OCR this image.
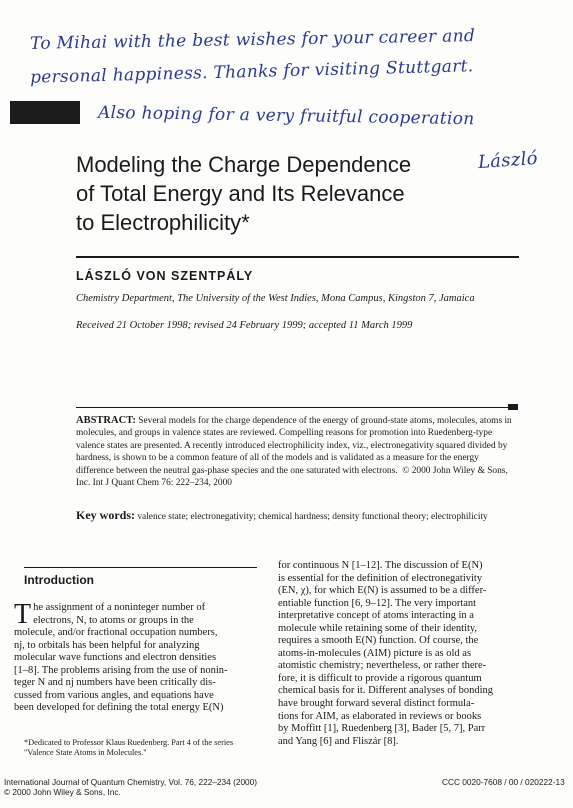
To Mihai with the best wishes for your career and
personal happiness. Thanks for visiting Stuttgart.
Also hoping for a very fruitful cooperation
László
Modeling the Charge Dependence
of Total Energy and Its Relevance
to Electrophilicity*
LÁSZLÓ VON SZENTPÁLY
Chemistry Department, The University of the West Indies, Mona Campus, Kingston 7, Jamaica
Received 21 October 1998; revised 24 February 1999; accepted 11 March 1999
ABSTRACT: Several models for the charge dependence of the energy of ground-state atoms, molecules, atoms in molecules, and groups in valence states are reviewed. Compelling reasons for promotion into Ruedenberg-type valence states are presented. A recently introduced electrophilicity index, viz., electronegativity squared divided by hardness, is shown to be a common feature of all of the models and is validated as a measure for the energy difference between the neutral gas-phase species and the one saturated with electrons. © 2000 John Wiley & Sons, Inc. Int J Quant Chem 76: 222–234, 2000
Key words: valence state; electronegativity; chemical hardness; density functional theory; electrophilicity
Introduction
T he assignment of a noninteger number of
electrons, N, to atoms or groups in the
molecule, and/or fractional occupation numbers,
nj, to orbitals has been helpful for analyzing
molecular wave functions and electron densities
[1–8]. The problems arising from the use of nonin-
teger N and nj numbers have been critically dis-
cussed from various angles, and equations have
been developed for defining the total energy E(N)
*Dedicated to Professor Klaus Ruedenberg. Part 4 of the series "Valence State Atoms in Molecules."
for continuous N [1–12]. The discussion of E(N)
is essential for the definition of electronegativity
(EN, χ), for which E(N) is assumed to be a differ-
entiable function [6, 9–12]. The very important
interpretative concept of atoms interacting in a
molecule while retaining some of their identity,
requires a smooth E(N) function. Of course, the
atoms-in-molecules (AIM) picture is as old as
atomistic chemistry; nevertheless, or rather there-
fore, it is difficult to provide a rigorous quantum
chemical basis for it. Different analyses of bonding
have brought forward several distinct formula-
tions for AIM, as elaborated in reviews or books
by Moffitt [1], Ruedenberg [3], Bader [5, 7], Parr
and Yang [6] and Fliszár [8].
International Journal of Quantum Chemistry, Vol. 76, 222–234 (2000)
© 2000 John Wiley & Sons, Inc.
CCC 0020-7608 / 00 / 020222-13
